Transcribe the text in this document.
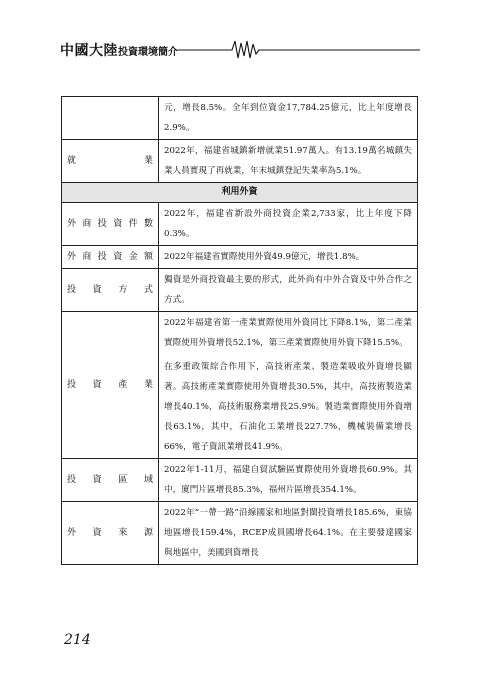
中國大陸投資環境簡介

	元，增長8.5%。全年到位資金17,784.25億元，比上年度增長2.9%。

就業	2022年，福建省城鎮新增就業51.97萬人。有13.19萬名城鎮失業人員實現了再就業，年末城鎮登記失業率為5.1%。

利用外資	
外商投資件數	2022年，福建省新設外商投資企業2,733家，比上年度下降0.3%。

外商投資金額	2022年福建省實際使用外資49.9億元，增長1.8%。

投資方式	獨資是外商投資最主要的形式，此外尚有中外合資及中外合作之方式。

投資產業	2022年福建省第一產業實際使用外資同比下降8.1%，第二產業實際使用外資增長52.1%，第三產業實際使用外資下降15.5%。
在多重政策綜合作用下，高技術產業、製造業吸收外資增長顯著。高技術產業實際使用外資增長30.5%，其中，高技術製造業增長40.1%，高技術服務業增長25.9%。製造業實際使用外資增長63.1%，其中，石油化工業增長227.7%，機械裝備業增長66%，電子資訊業增長41.9%。

投資區域	2022年1-11月，福建自貿試驗區實際使用外資增長60.9%。其中，廈門片區增長85.3%，福州片區增長354.1%。

外資來源	2022年“一帶一路”沿線國家和地區對閩投資增長185.6%，東協地區增長159.4%，RCEP成員國增長64.1%。在主要發達國家與地區中，美國到資增長
214
